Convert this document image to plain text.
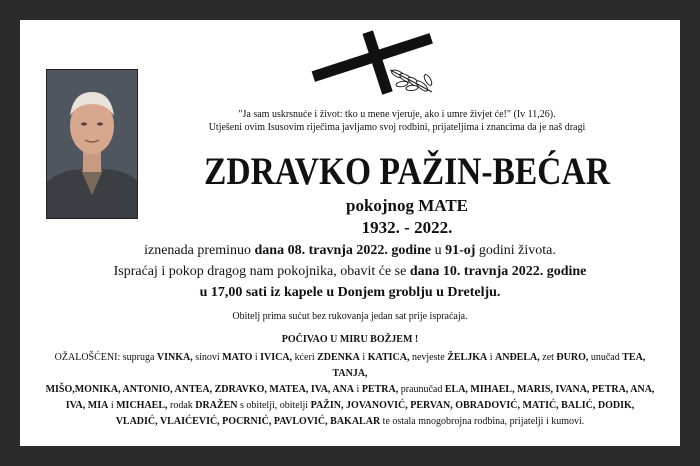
"Ja sam uskrsnuće i život: tko u mene vjeruje, ako i umre živjet će!" (Iv 11,26).
Utješeni ovim Isusovim riječima javljamo svoj rodbini, prijateljima i znancima da je naš dragi
ZDRAVKO PAŽIN-BEĆAR
pokojnog MATE
1932. - 2022.
iznenada preminuo dana 08. travnja 2022. godine u 91-oj godini života.
Ispraćaj i pokop dragog nam pokojnika, obavit će se dana 10. travnja 2022. godine
u 17,00 sati iz kapele u Donjem groblju u Dretelju.
Obitelj prima sućut bez rukovanja jedan sat prije ispraćaja.
POČIVAO U MIRU BOŽJEM !
OŽALOŠĆENI: supruga VINKA, sinovi MATO i IVICA, kćeri ZDENKA i KATICA, nevjeste ŽELJKA i ANĐELA, zet ĐURO, unučad TEA, TANJA,
MIŠO,MONIKA, ANTONIO, ANTEA, ZDRAVKO, MATEA, IVA, ANA i PETRA, praunučad ELA, MIHAEL, MARIS, IVANA, PETRA, ANA,
IVA, MIA i MICHAEL, rodak DRAŽEN s obitelji, obitelji PAŽIN, JOVANOVIĆ, PERVAN, OBRADOVIĆ, MATIĆ, BALIĆ, DODIK,
VLADIĆ, VLAIĆEVIĆ, POCRNIĆ, PAVLOVIĆ, BAKALAR te ostala mnogobrojna rodbina, prijatelji i kumovi.
